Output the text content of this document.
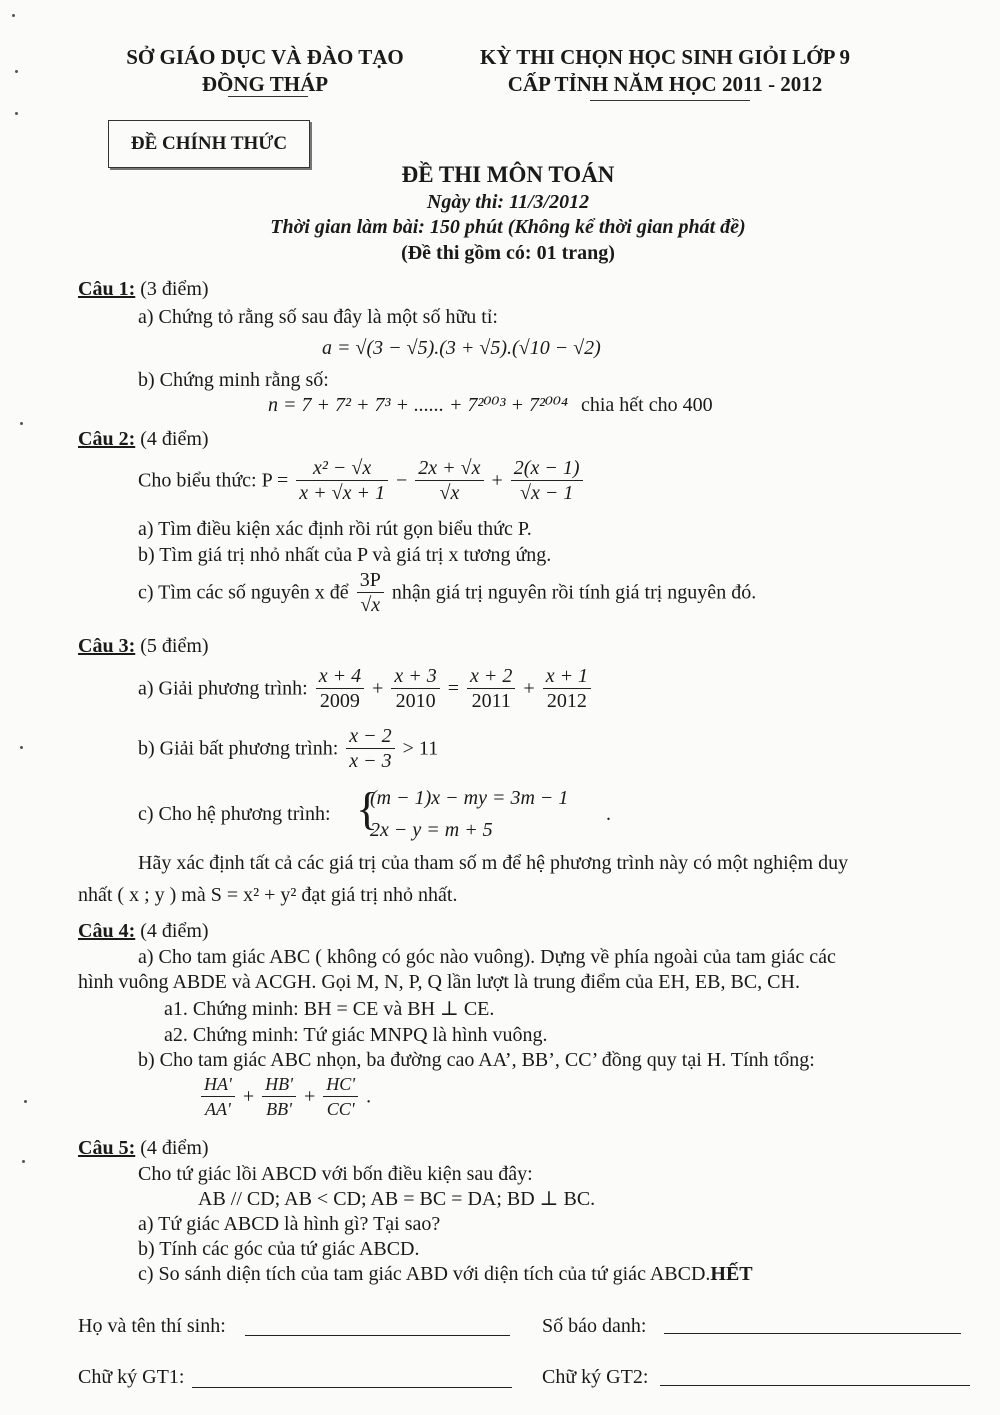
SỞ GIÁO DỤC VÀ ĐÀO TẠO
ĐỒNG THÁP
KỲ THI CHỌN HỌC SINH GIỎI LỚP 9
CẤP TỈNH NĂM HỌC 2011 - 2012
ĐỀ CHÍNH THỨC
ĐỀ THI MÔN TOÁN
Ngày thi: 11/3/2012
Thời gian làm bài: 150 phút (Không kể thời gian phát đề)
(Đề thi gồm có: 01 trang)
Câu 1: (3 điểm)
a) Chứng tỏ rằng số sau đây là một số hữu tỉ:
a = √(3 − √5).(3 + √5).(√10 − √2)
b) Chứng minh rằng số:
n = 7 + 7² + 7³ + ...... + 7²⁰⁰³ + 7²⁰⁰⁴ chia hết cho 400
Câu 2: (4 điểm)
Cho biểu thức: $P = \frac{\text{x² − √x}}{x + √x + 1} - \frac{2x + √x}{√x} + \frac{2(x - 1)}{√x - 1}$
a) Tìm điều kiện xác định rồi rút gọn biểu thức P.
b) Tìm giá trị nhỏ nhất của P và giá trị x tương ứng.
c) Tìm các số nguyên x để $\frac{3P}{√x}$ nhận giá trị nguyên rồi tính giá trị nguyên đó.
Câu 3: (5 điểm)
a) Giải phương trình: $\frac{x + 4}{2009} + \frac{x + 3}{2010} = \frac{x + 2}{2011} + \frac{x + 1}{2012}$
b) Giải bất phương trình: $\frac{x - 2}{x - 3} > 11$
c) Cho hệ phương trình: {
(m − 1)x − my = 3m − 1
2x − y = m + 5
.
Hãy xác định tất cả các giá trị của tham số m để hệ phương trình này có một nghiệm duy
nhất ( x ; y ) mà S = x² + y² đạt giá trị nhỏ nhất.
Câu 4: (4 điểm)
a) Cho tam giác ABC ( không có góc nào vuông). Dựng về phía ngoài của tam giác các
hình vuông ABDE và ACGH. Gọi M, N, P, Q lần lượt là trung điểm của EH, EB, BC, CH.
a1. Chứng minh: BH = CE và BH ⊥ CE.
a2. Chứng minh: Tứ giác MNPQ là hình vuông.
b) Cho tam giác ABC nhọn, ba đường cao AA’, BB’, CC’ đồng quy tại H. Tính tổng:
$\frac{HA'}{AA'} + \frac{HB'}{BB'} + \frac{HC'}{CC'}$ .
Câu 5: (4 điểm)
Cho tứ giác lồi ABCD với bốn điều kiện sau đây:
AB // CD; AB < CD; AB = BC = DA; BD ⊥ BC.
a) Tứ giác ABCD là hình gì? Tại sao?
b) Tính các góc của tứ giác ABCD.
c) So sánh diện tích của tam giác ABD với diện tích của tứ giác ABCD.HẾT
Họ và tên thí sinh:	Số báo danh:
Chữ ký GT1:	Chữ ký GT2:
